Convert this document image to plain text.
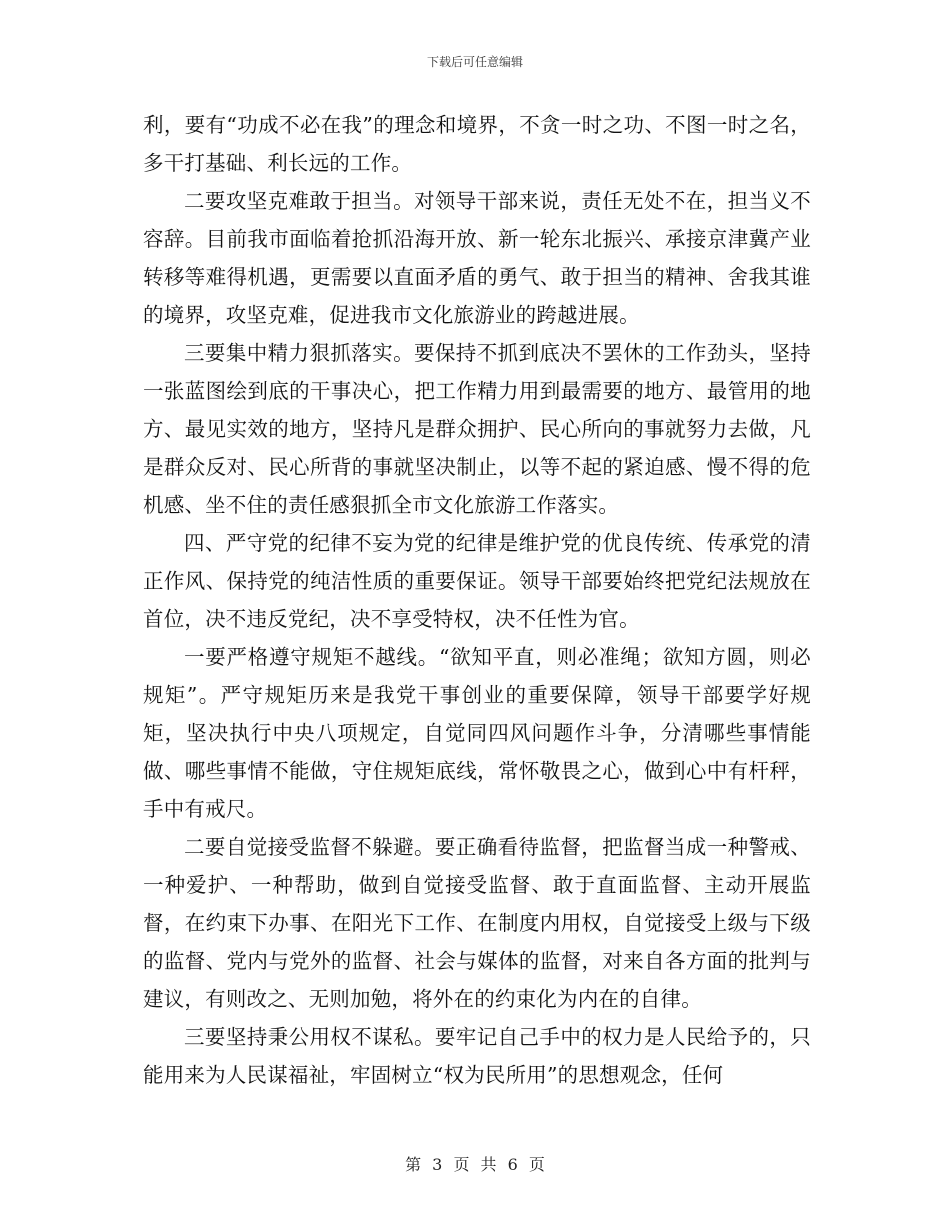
下载后可任意编辑

利，要有“功成不必在我”的理念和境界，不贪一时之功、不图一时之名，多干打基础、利长远的工作。

二要攻坚克难敢于担当。对领导干部来说，责任无处不在，担当义不容辞。目前我市面临着抢抓沿海开放、新一轮东北振兴、承接京津冀产业转移等难得机遇，更需要以直面矛盾的勇气、敢于担当的精神、舍我其谁的境界，攻坚克难，促进我市文化旅游业的跨越进展。

三要集中精力狠抓落实。要保持不抓到底决不罢休的工作劲头，坚持一张蓝图绘到底的干事决心，把工作精力用到最需要的地方、最管用的地方、最见实效的地方，坚持凡是群众拥护、民心所向的事就努力去做，凡是群众反对、民心所背的事就坚决制止，以等不起的紧迫感、慢不得的危机感、坐不住的责任感狠抓全市文化旅游工作落实。

四、严守党的纪律不妄为党的纪律是维护党的优良传统、传承党的清正作风、保持党的纯洁性质的重要保证。领导干部要始终把党纪法规放在首位，决不违反党纪，决不享受特权，决不任性为官。

一要严格遵守规矩不越线。“欲知平直，则必准绳；欲知方圆，则必规矩”。严守规矩历来是我党干事创业的重要保障，领导干部要学好规矩，坚决执行中央八项规定，自觉同四风问题作斗争，分清哪些事情能做、哪些事情不能做，守住规矩底线，常怀敬畏之心，做到心中有杆秤，手中有戒尺。

二要自觉接受监督不躲避。要正确看待监督，把监督当成一种警戒、一种爱护、一种帮助，做到自觉接受监督、敢于直面监督、主动开展监督，在约束下办事、在阳光下工作、在制度内用权，自觉接受上级与下级的监督、党内与党外的监督、社会与媒体的监督，对来自各方面的批判与建议，有则改之、无则加勉，将外在的约束化为内在的自律。

三要坚持秉公用权不谋私。要牢记自己手中的权力是人民给予的，只能用来为人民谋福祉，牢固树立“权为民所用”的思想观念，任何

第 3 页 共 6 页
